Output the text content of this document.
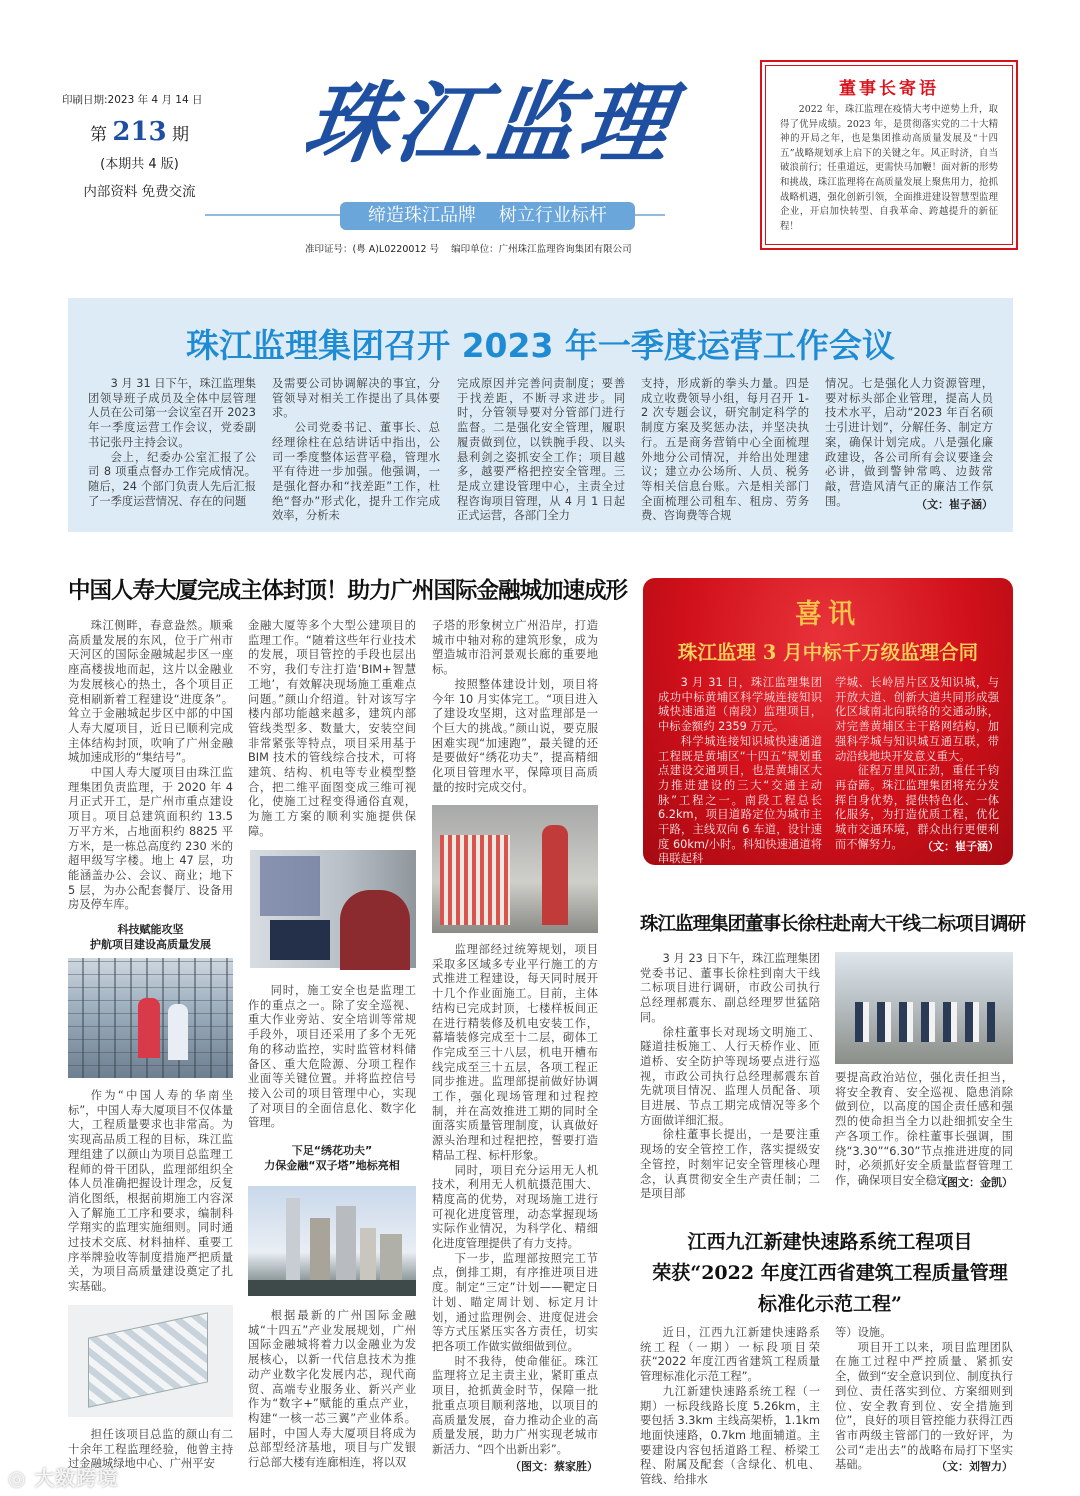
印刷日期:2023 年 4 月 14 日
第 213 期
(本期共 4 版)
内部资料 免费交流
珠江监理
缔造珠江品牌    树立行业标杆
准印证号：(粤 A)L0220012 号 编印单位：广州珠江监理咨询集团有限公司
董事长寄语
2022 年，珠江监理在疫情大考中逆势上升，取得了优异成绩。2023 年，是贯彻落实党的二十大精神的开局之年，也是集团推动高质量发展及“十四五”战略规划承上启下的关键之年。风正时济，自当破浪前行；任重道远，更需快马加鞭！面对新的形势和挑战，珠江监理将在高质量发展上聚焦用力，抢抓战略机遇，强化创新引领，全面推进建设智慧型监理企业，开启加快转型、自我革命、跨越提升的新征程！
珠江监理集团召开 2023 年一季度运营工作会议

3 月 31 日下午，珠江监理集团领导班子成员及全体中层管理人员在公司第一会议室召开 2023 年一季度运营工作会议，党委副书记张丹主持会议。

会上，纪委办公室汇报了公司 8 项重点督办工作完成情况。随后，24 个部门负责人先后汇报了一季度运营情况、存在的问题

及需要公司协调解决的事宜，分管领导对相关工作提出了具体要求。

公司党委书记、董事长、总经理徐柱在总结讲话中指出，公司一季度整体运营平稳，管理水平有待进一步加强。他强调，一是强化督办和“找差距”工作，杜绝“督办”形式化，提升工作完成效率，分析未

完成原因并完善问责制度；要善于找差距，不断寻求进步。同时，分管领导要对分管部门进行监督。二是强化安全管理，履职履责做到位，以铁腕手段、以头悬利剑之姿抓安全工作；项目越多，越要严格把控安全管理。三是成立建设管理中心，主责全过程咨询项目管理，从 4 月 1 日起正式运营，各部门全力

支持，形成新的拳头力量。四是成立收费领导小组，每月召开 1-2 次专题会议，研究制定科学的制度方案及奖惩办法，并坚决执行。五是商务营销中心全面梳理外地分公司情况，并给出处理建议；建立办公场所、人员、税务等相关信息台账。六是相关部门全面梳理公司租车、租房、劳务费、咨询费等合规

情况。七是强化人力资源管理，要对标头部企业管理，提高人员技术水平，启动“2023 年百名硕士引进计划”，分解任务、制定方案，确保计划完成。八是强化廉政建设，各公司所有会议要逢会必讲，做到警钟常鸣、边鼓常敲，营造风清气正的廉洁工作氛围。	（文：崔子涵）
中国人寿大厦完成主体封顶！助力广州国际金融城加速成形

珠江侧畔，春意盎然。顺乘高质量发展的东风，位于广州市天河区的国际金融城起步区一座座高楼拔地而起，这片以金融业为发展核心的热土，各个项目正竞相刷新着工程建设“进度条”。耸立于金融城起步区中部的中国人寿大厦项目，近日已顺利完成主体结构封顶，吹响了广州金融城加速成形的“集结号”。

中国人寿大厦项目由珠江监理集团负责监理，于 2020 年 4 月正式开工，是广州市重点建设项目。项目总建筑面积约 13.5 万平方米，占地面积约 8825 平方米，是一栋总高度约 230 米的超甲级写字楼。地上 47 层，功能涵盖办公、会议、商业；地下 5 层，为办公配套餐厅、设备用房及停车库。

科技赋能攻坚
护航项目建设高质量发展

作为“中国人寿的华南坐标”，中国人寿大厦项目不仅体量大，工程质量要求也非常高。为实现高品质工程的目标，珠江监理组建了以颜山为项目总监理工程师的骨干团队，监理部组织全体人员准确把握设计理念，反复消化图纸，根据前期施工内容深入了解施工工序和要求，编制科学翔实的监理实施细则。同时通过技术交底、材料抽样、重要工序举牌验收等制度措施严把质量关，为项目高质量建设奠定了扎实基础。

担任该项目总监的颜山有二十余年工程监理经验，他曾主持过金融城绿地中心、广州平安

金融大厦等多个大型公建项目的监理工作。“随着这些年行业技术的发展，项目管控的手段也层出不穷，我们专注打造‘BIM+智慧工地’，有效解决现场施工重难点问题。”颜山介绍道。针对该写字楼内部功能越来越多，建筑内部管线类型多、数量大，安装空间非常紧张等特点，项目采用基于 BIM 技术的管线综合技术，可将建筑、结构、机电等专业模型整合，把二维平面图变成三维可视化，使施工过程变得通俗直观，为施工方案的顺利实施提供保障。

同时，施工安全也是监理工作的重点之一。除了安全巡视、重大作业旁站、安全培训等常规手段外，项目还采用了多个无死角的移动监控，实时监管材料储备区、重大危险源、分项工程作业面等关键位置。并将监控信号接入公司的项目管理中心，实现了对项目的全面信息化、数字化管理。

下足“绣花功夫”
力保金融“双子塔”地标亮相

根据最新的广州国际金融城“十四五”产业发展规划，广州国际金融城将着力以金融业为发展核心，以新一代信息技术为推动产业数字化发展内芯，现代商贸、高端专业服务业、新兴产业作为“数字+”赋能的重点产业，构建“一核一芯三翼”产业体系。届时，中国人寿大厦项目将成为总部型经济基地，项目与广发银行总部大楼有连廊相连，将以双

子塔的形象树立广州沿岸，打造城市中轴对称的建筑形象，成为塑造城市沿河景观长廊的重要地标。

按照整体建设计划，项目将今年 10 月实体完工。“项目进入了建设攻坚期，这对监理部是一个巨大的挑战。”颜山说，要克服困难实现“加速跑”，最关键的还是要做好“绣花功夫”，提高精细化项目管理水平，保障项目高质量的按时完成交付。

监理部经过统筹规划，项目采取多区域多专业平行施工的方式推进工程建设，每天同时展开十几个作业面施工。目前，主体结构已完成封顶，七楼样板间正在进行精装修及机电安装工作，幕墙装修完成至十二层，砌体工作完成至三十八层，机电开槽布线完成至三十五层，各项工程正同步推进。监理部提前做好协调工作，强化现场管理和过程控制，并在高效推进工期的同时全面落实质量管理制度，认真做好源头治理和过程把控，誓要打造精品工程、标杆形象。

同时，项目充分运用无人机技术，利用无人机航摄范围大、精度高的优势，对现场施工进行可视化进度管理，动态掌握现场实际作业情况，为科学化、精细化进度管理提供了有力支持。

下一步，监理部按照完工节点，倒排工期，有序推进项目进度。制定“三定”计划——靶定日计划、瞄定周计划、标定月计划，通过监理例会、进度促进会等方式压紧压实各方责任，切实把各项工作做实做细做到位。

时不我待，使命催征。珠江监理将立足主责主业，紧盯重点项目，抢抓黄金时节，保障一批批重点项目顺利落地，以项目的高质量发展，奋力推动企业的高质量发展，助力广州实现老城市新活力、“四个出新出彩”。

（图文：蔡家胜）
喜讯
珠江监理 3 月中标千万级监理合同

3 月 31 日，珠江监理集团成功中标黄埔区科学城连接知识城快速通道（南段）监理项目，中标金额约 2359 万元。

科学城连接知识城快速通道工程既是黄埔区“十四五”规划重点建设交通项目，也是黄埔区大力推进建设的三大“交通主动脉”工程之一。南段工程总长 6.2km，项目道路定位为城市主干路，主线双向 6 车道，设计速度 60km/小时。科知快速通道将串联起科

学城、长岭居片区及知识城，与开放大道、创新大道共同形成强化区域南北向联络的交通动脉，对完善黄埔区主干路网结构，加强科学城与知识城互通互联，带动沿线地块开发意义重大。

征程万里风正劲，重任千钧再奋蹄。珠江监理集团将充分发挥自身优势，提供特色化、一体化服务，为打造优质工程，优化城市交通环境，群众出行更便利而不懈努力。	（文：崔子涵）
珠江监理集团董事长徐柱赴南大干线二标项目调研

3 月 23 日下午，珠江监理集团党委书记、董事长徐柱到南大干线二标项目进行调研，市政公司执行总经理郝震东、副总经理罗世猛陪同。

徐柱董事长对现场文明施工、隧道挂板施工、人行天桥作业、匝道桥、安全防护等现场要点进行巡视，市政公司执行总经理郝震东首先就项目情况、监理人员配备、项目进展、节点工期完成情况等多个方面做详细汇报。

徐柱董事长提出，一是要注重现场的安全管控工作，落实提级安全管控，时刻牢记安全管理核心理念，认真贯彻安全生产责任制；二是项目部

要提高政治站位，强化责任担当，将安全教育、安全巡视、隐患消除做到位，以高度的国企责任感和强烈的使命担当全力以赴细抓安全生产各项工作。徐柱董事长强调，围绕“3.30”“6.30”节点推进进度的同时，必须抓好安全质量监督管理工作，确保项目安全稳定。

（图文：金凯）
江西九江新建快速路系统工程项目
荣获“2022 年度江西省建筑工程质量管理
标准化示范工程”

近日，江西九江新建快速路系统工程（一期）一标段项目荣获“2022 年度江西省建筑工程质量管理标准化示范工程”。

九江新建快速路系统工程（一期）一标段线路长度 5.26km，主要包括 3.3km 主线高架桥，1.1km 地面快速路，0.7km 地面辅道。主要建设内容包括道路工程、桥梁工程、附属及配套（含绿化、机电、管线、给排水

等）设施。

项目开工以来，项目监理团队在施工过程中严控质量、紧抓安全，做到“安全意识到位、制度执行到位、责任落实到位、方案细则到位、安全教育到位、安全措施到位”，良好的项目管控能力获得江西省市两级主管部门的一致好评，为公司“走出去”的战略布局打下坚实基础。	（文：刘智力）
◎ 大数跨境
